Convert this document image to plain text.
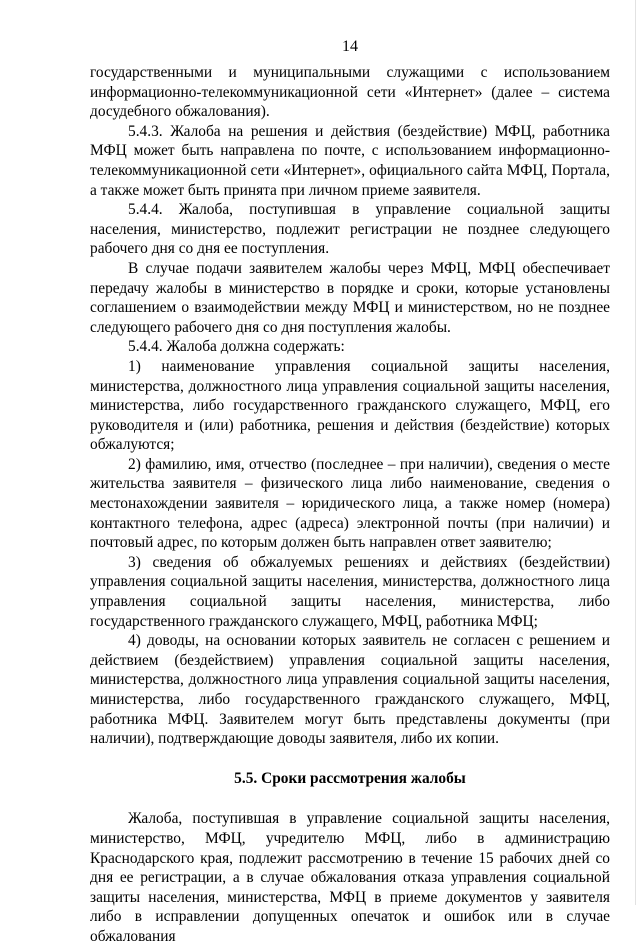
14

государственными и муниципальными служащими с использованием информационно-телекоммуникационной сети «Интернет» (далее – система досудебного обжалования).

5.4.3. Жалоба на решения и действия (бездействие) МФЦ, работника МФЦ может быть направлена по почте, с использованием информационно-телекоммуникационной сети «Интернет», официального сайта МФЦ, Портала, а также может быть принята при личном приеме заявителя.

5.4.4. Жалоба, поступившая в управление социальной защиты населения, министерство, подлежит регистрации не позднее следующего рабочего дня со дня ее поступления.

В случае подачи заявителем жалобы через МФЦ, МФЦ обеспечивает передачу жалобы в министерство в порядке и сроки, которые установлены соглашением о взаимодействии между МФЦ и министерством, но не позднее следующего рабочего дня со дня поступления жалобы.

5.4.4. Жалоба должна содержать:

1) наименование управления социальной защиты населения, министерства, должностного лица управления социальной защиты населения, министерства, либо государственного гражданского служащего, МФЦ, его руководителя и (или) работника, решения и действия (бездействие) которых обжалуются;

2) фамилию, имя, отчество (последнее – при наличии), сведения о месте жительства заявителя – физического лица либо наименование, сведения о местонахождении заявителя – юридического лица, а также номер (номера) контактного телефона, адрес (адреса) электронной почты (при наличии) и почтовый адрес, по которым должен быть направлен ответ заявителю;

3) сведения об обжалуемых решениях и действиях (бездействии) управления социальной защиты населения, министерства, должностного лица управления социальной защиты населения, министерства, либо государственного гражданского служащего, МФЦ, работника МФЦ;

4) доводы, на основании которых заявитель не согласен с решением и действием (бездействием) управления социальной защиты населения, министерства, должностного лица управления социальной защиты населения, министерства, либо государственного гражданского служащего, МФЦ, работника МФЦ. Заявителем могут быть представлены документы (при наличии), подтверждающие доводы заявителя, либо их копии.

5.5. Сроки рассмотрения жалобы

Жалоба, поступившая в управление социальной защиты населения, министерство, МФЦ, учредителю МФЦ, либо в администрацию Краснодарского края, подлежит рассмотрению в течение 15 рабочих дней со дня ее регистрации, а в случае обжалования отказа управления социальной защиты населения, министерства, МФЦ в приеме документов у заявителя либо в исправлении допущенных опечаток и ошибок или в случае обжалования
